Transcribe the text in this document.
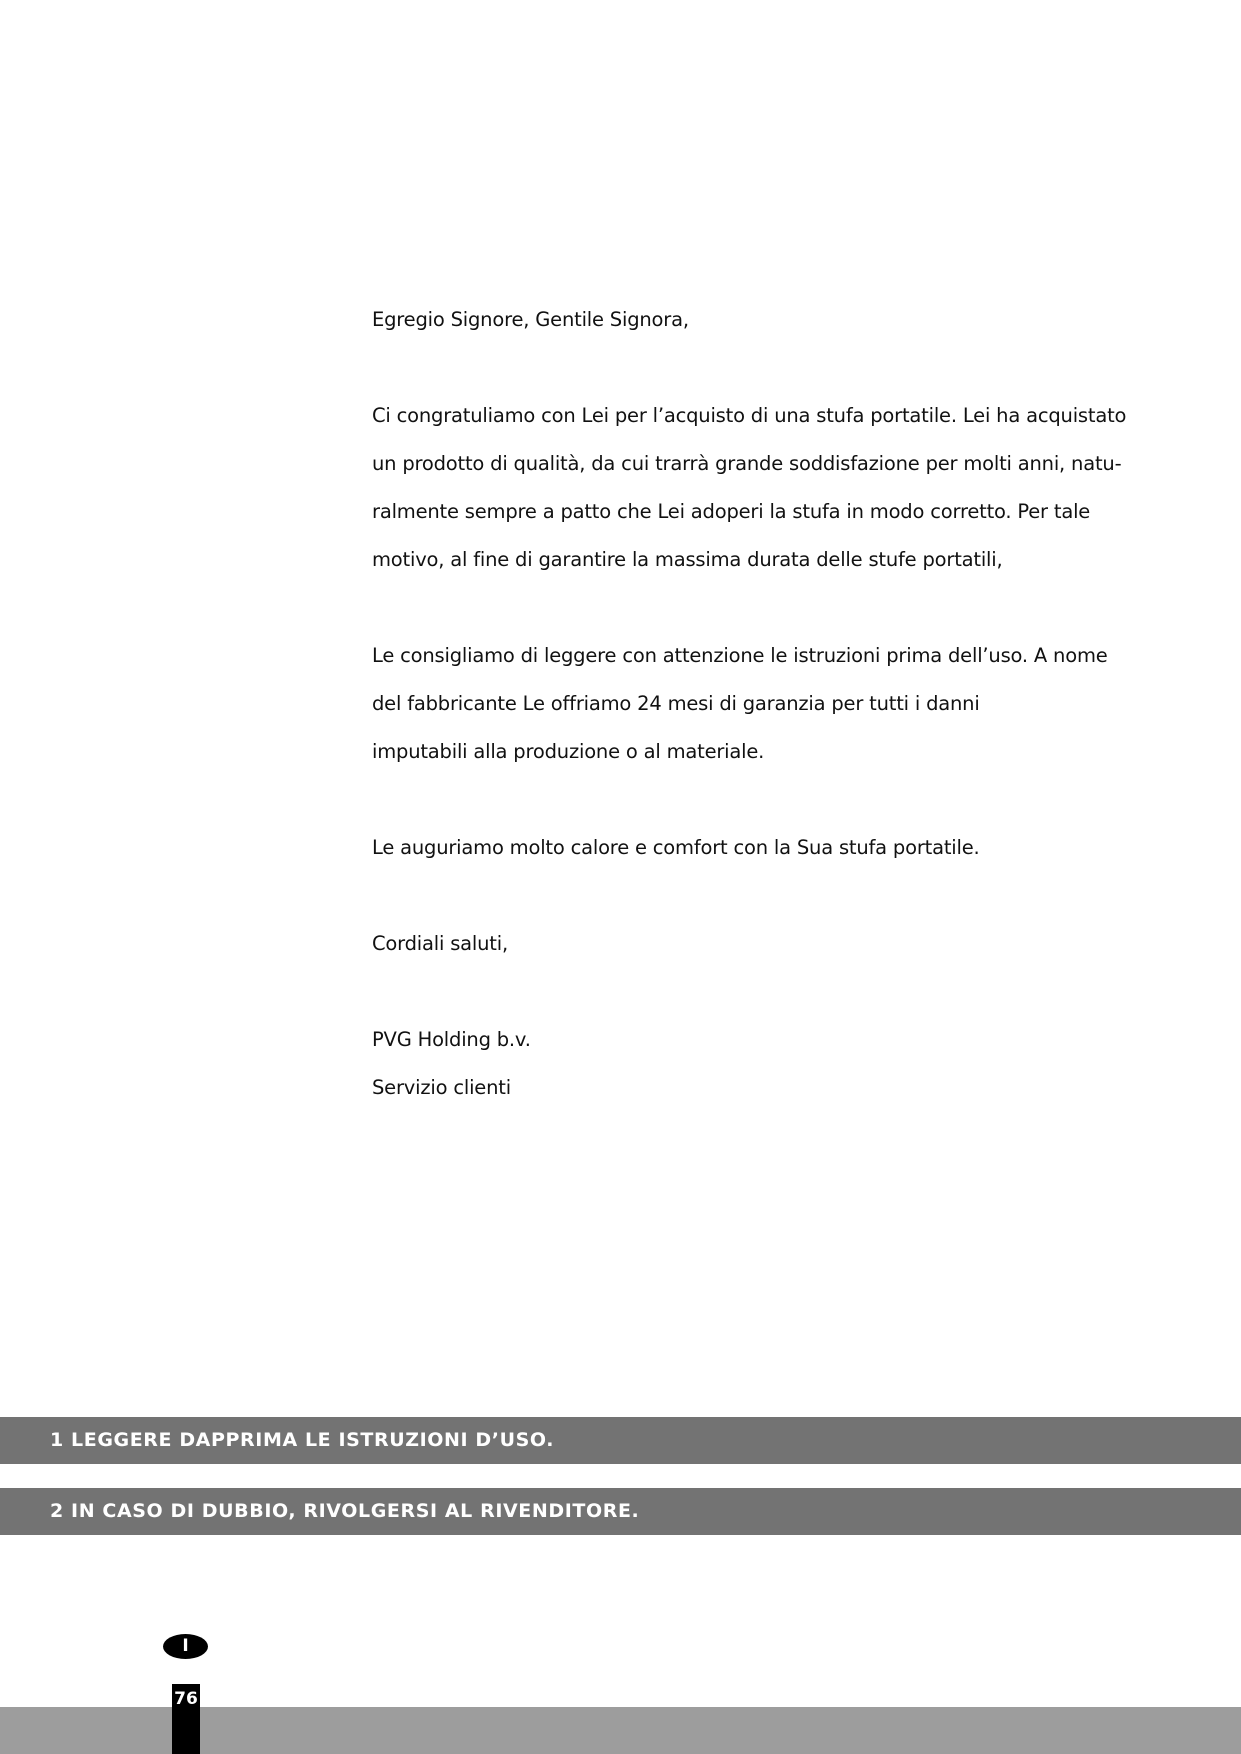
Egregio Signore, Gentile Signora,
Ci congratuliamo con Lei per l’acquisto di una stufa portatile. Lei ha acquistato
un prodotto di qualità, da cui trarrà grande soddisfazione per molti anni, natu-
ralmente sempre a patto che Lei adoperi la stufa in modo corretto. Per tale
motivo, al fine di garantire la massima durata delle stufe portatili,
Le consigliamo di leggere con attenzione le istruzioni prima dell’uso. A nome
del fabbricante Le offriamo 24 mesi di garanzia per tutti i danni
imputabili alla produzione o al materiale.
Le auguriamo molto calore e comfort con la Sua stufa portatile.
Cordiali saluti,
PVG Holding b.v.
Servizio clienti
1 LEGGERE DAPPRIMA LE ISTRUZIONI D’USO.
2 IN CASO DI DUBBIO, RIVOLGERSI AL RIVENDITORE.
I
76
